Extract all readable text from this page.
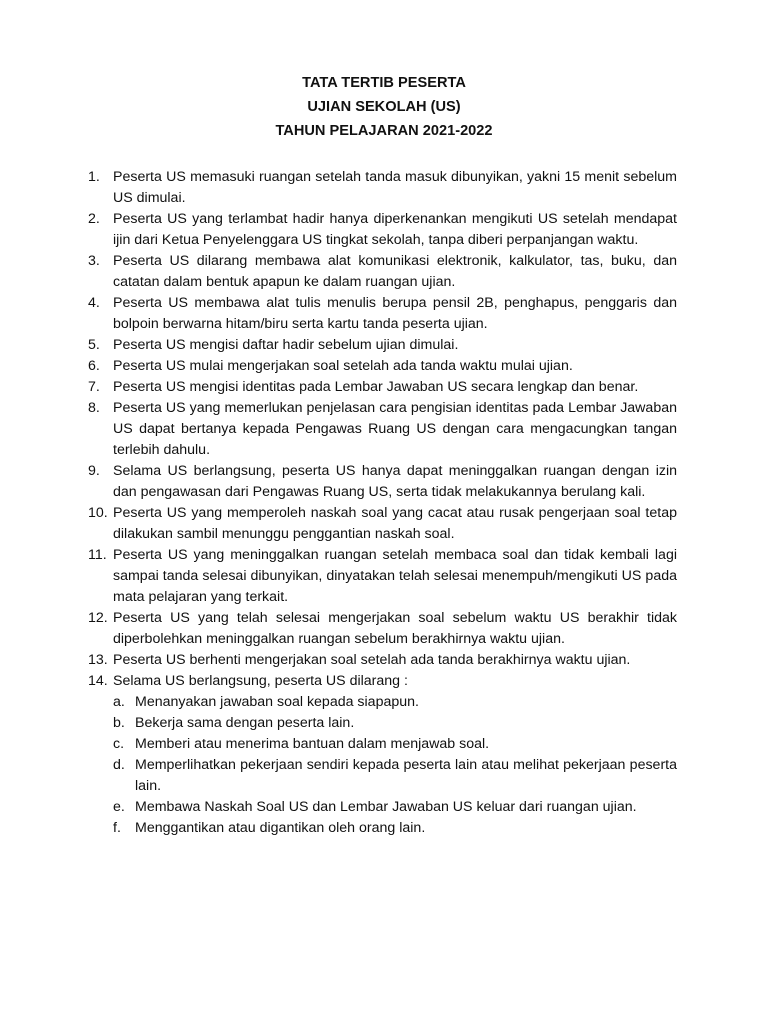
TATA TERTIB PESERTA
UJIAN SEKOLAH (US)
TAHUN PELAJARAN 2021-2022
1. Peserta US memasuki ruangan setelah tanda masuk dibunyikan, yakni 15 menit sebelum US dimulai.
2. Peserta US yang terlambat hadir hanya diperkenankan mengikuti US setelah mendapat ijin dari Ketua Penyelenggara US tingkat sekolah, tanpa diberi perpanjangan waktu.
3. Peserta US dilarang membawa alat komunikasi elektronik, kalkulator, tas, buku, dan catatan dalam bentuk apapun ke dalam ruangan ujian.
4. Peserta US membawa alat tulis menulis berupa pensil 2B, penghapus, penggaris dan bolpoin berwarna hitam/biru serta kartu tanda peserta ujian.
5. Peserta US mengisi daftar hadir sebelum ujian dimulai.
6. Peserta US mulai mengerjakan soal setelah ada tanda waktu mulai ujian.
7. Peserta US mengisi identitas pada Lembar Jawaban US secara lengkap dan benar.
8. Peserta US yang memerlukan penjelasan cara pengisian identitas pada Lembar Jawaban US dapat bertanya kepada Pengawas Ruang US dengan cara mengacungkan tangan terlebih dahulu.
9. Selama US berlangsung, peserta US hanya dapat meninggalkan ruangan dengan izin dan pengawasan dari Pengawas Ruang US, serta tidak melakukannya berulang kali.
10. Peserta US yang memperoleh naskah soal yang cacat atau rusak pengerjaan soal tetap dilakukan sambil menunggu penggantian naskah soal.
11. Peserta US yang meninggalkan ruangan setelah membaca soal dan tidak kembali lagi sampai tanda selesai dibunyikan, dinyatakan telah selesai menempuh/mengikuti US pada mata pelajaran yang terkait.
12. Peserta US yang telah selesai mengerjakan soal sebelum waktu US berakhir tidak diperbolehkan meninggalkan ruangan sebelum berakhirnya waktu ujian.
13. Peserta US berhenti mengerjakan soal setelah ada tanda berakhirnya waktu ujian.
14. Selama US berlangsung, peserta US dilarang :
a. Menanyakan jawaban soal kepada siapapun.
b. Bekerja sama dengan peserta lain.
c. Memberi atau menerima bantuan dalam menjawab soal.
d. Memperlihatkan pekerjaan sendiri kepada peserta lain atau melihat pekerjaan peserta lain.
e. Membawa Naskah Soal US dan Lembar Jawaban US keluar dari ruangan ujian.
f. Menggantikan atau digantikan oleh orang lain.
